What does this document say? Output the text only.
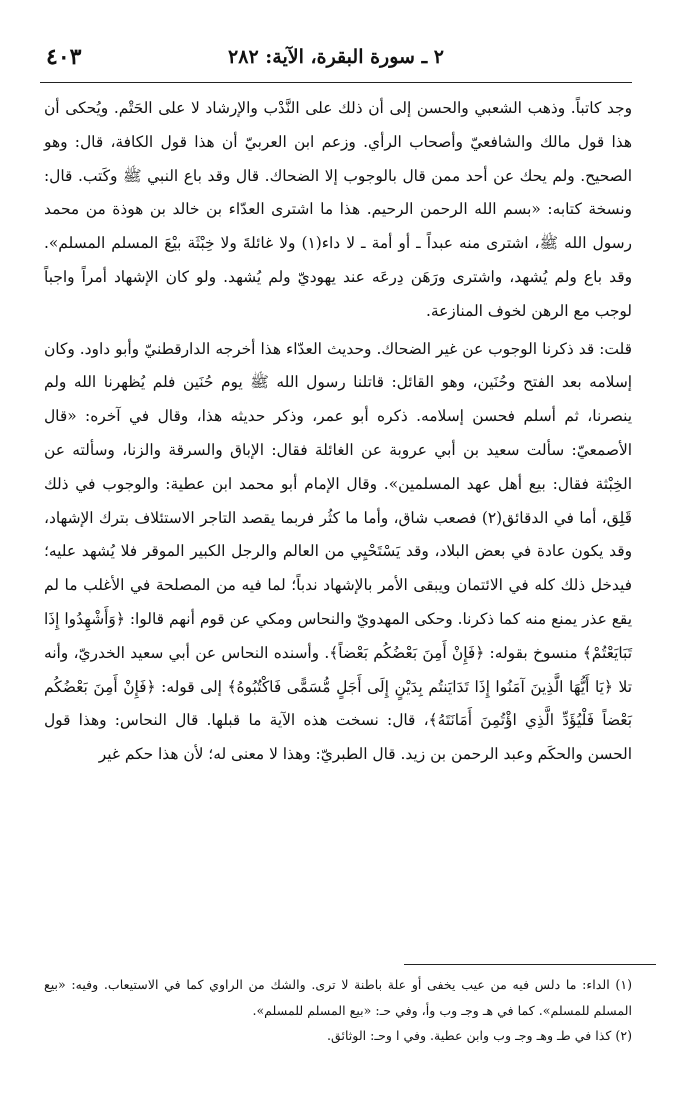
٤٠٣	٢ ـ سورة البقرة، الآية: ٢٨٢

وجد كاتباً. وذهب الشعبي والحسن إلى أن ذلك على النَّدْب والإرشاد لا على الحَتْم. ويُحكى أن هذا قول مالك والشافعيّ وأصحاب الرأي. وزعم ابن العربيّ أن هذا قول الكافة، قال: وهو الصحيح. ولم يحك عن أحد ممن قال بالوجوب إلا الضحاك. قال وقد باع النبي ﷺ وكَتب. قال: ونسخة كتابه: «بسم الله الرحمن الرحيم. هذا ما اشترى العدّاء بن خالد بن هوذة من محمد رسول الله ﷺ، اشترى منه عبداً ـ أو أمة ـ لا داء(١) ولا غائلةَ ولا خِبْثَة بيْعَ المسلم المسلم». وقد باع ولم يُشهد، واشترى ورَهَن دِرعَه عند يهوديّ ولم يُشهد. ولو كان الإشهاد أمراً واجباً لوجب مع الرهن لخوف المنازعة.

قلت: قد ذكرنا الوجوب عن غير الضحاك. وحديث العدّاء هذا أخرجه الدارقطنيّ وأبو داود. وكان إسلامه بعد الفتح وحُنَين، وهو القائل: قاتلنا رسول الله ﷺ يوم حُنَين فلم يُظهرنا الله ولم ينصرنا، ثم أسلم فحسن إسلامه. ذكره أبو عمر، وذكر حديثه هذا، وقال في آخره: «قال الأصمعيّ: سألت سعيد بن أبي عروبة عن الغائلة فقال: الإباق والسرقة والزنا، وسألته عن الخِبْثة فقال: بيع أهل عهد المسلمين». وقال الإمام أبو محمد ابن عطية: والوجوب في ذلك قَلِق، أما في الدقائق(٢) فصعب شاق، وأما ما كثُر فربما يقصد التاجر الاستئلاف بترك الإشهاد، وقد يكون عادة في بعض البلاد، وقد يَسْتَحْيِي من العالم والرجل الكبير الموقر فلا يُشهد عليه؛ فيدخل ذلك كله في الائتمان ويبقى الأمر بالإشهاد ندباً؛ لما فيه من المصلحة في الأغلب ما لم يقع عذر يمنع منه كما ذكرنا. وحكى المهدويّ والنحاس ومكي عن قوم أنهم قالوا: ﴿وَأَشْهِدُوا إِذَا تَبَايَعْتُمْ﴾ منسوخ بقوله: ﴿فَإِنْ أَمِنَ بَعْضُكُم بَعْضاً﴾. وأسنده النحاس عن أبي سعيد الخدريّ، وأنه تلا ﴿يَا أَيُّهَا الَّذِينَ آمَنُوا إِذَا تَدَايَنتُم بِدَيْنٍ إِلَى أَجَلٍ مُّسَمًّى فَاكْتُبُوهُ﴾ إلى قوله: ﴿فَإِنْ أَمِنَ بَعْضُكُم بَعْضاً فَلْيُؤَدِّ الَّذِي اؤْتُمِنَ أَمَانَتَهُ﴾، قال: نسخت هذه الآية ما قبلها. قال النحاس: وهذا قول الحسن والحكَم وعبد الرحمن بن زيد. قال الطبريّ: وهذا لا معنى له؛ لأن هذا حكم غير

(١) الداء: ما دلس فيه من عيب يخفى أو علة باطنة لا ترى. والشك من الراوي كما في الاستيعاب. وفيه: «بيع المسلم للمسلم». كما في هـ وجـ وب وأ، وفي حـ: «بيع المسلم للمسلم».

(٢) كذا في طـ وهـ وجـ وب وابن عطية. وفي ا وحـ: الوثائق.
